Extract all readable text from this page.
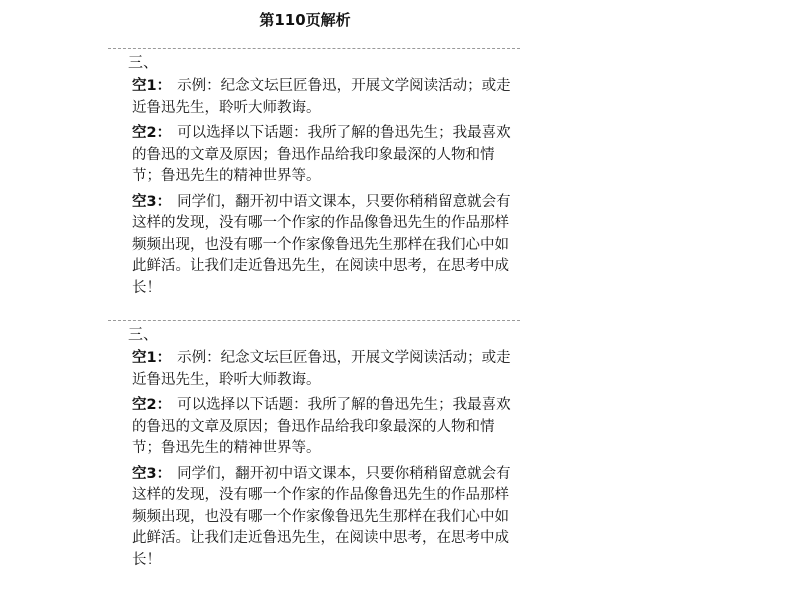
第110页解析
三、
空1： 示例：纪念文坛巨匠鲁迅，开展文学阅读活动；或走近鲁迅先生，聆听大师教诲。
空2： 可以选择以下话题：我所了解的鲁迅先生；我最喜欢的鲁迅的文章及原因；鲁迅作品给我印象最深的人物和情节；鲁迅先生的精神世界等。
空3： 同学们，翻开初中语文课本，只要你稍稍留意就会有这样的发现，没有哪一个作家的作品像鲁迅先生的作品那样频频出现，也没有哪一个作家像鲁迅先生那样在我们心中如此鲜活。让我们走近鲁迅先生，在阅读中思考，在思考中成长！
三、
空1： 示例：纪念文坛巨匠鲁迅，开展文学阅读活动；或走近鲁迅先生，聆听大师教诲。
空2： 可以选择以下话题：我所了解的鲁迅先生；我最喜欢的鲁迅的文章及原因；鲁迅作品给我印象最深的人物和情节；鲁迅先生的精神世界等。
空3： 同学们，翻开初中语文课本，只要你稍稍留意就会有这样的发现，没有哪一个作家的作品像鲁迅先生的作品那样频频出现，也没有哪一个作家像鲁迅先生那样在我们心中如此鲜活。让我们走近鲁迅先生，在阅读中思考，在思考中成长！
